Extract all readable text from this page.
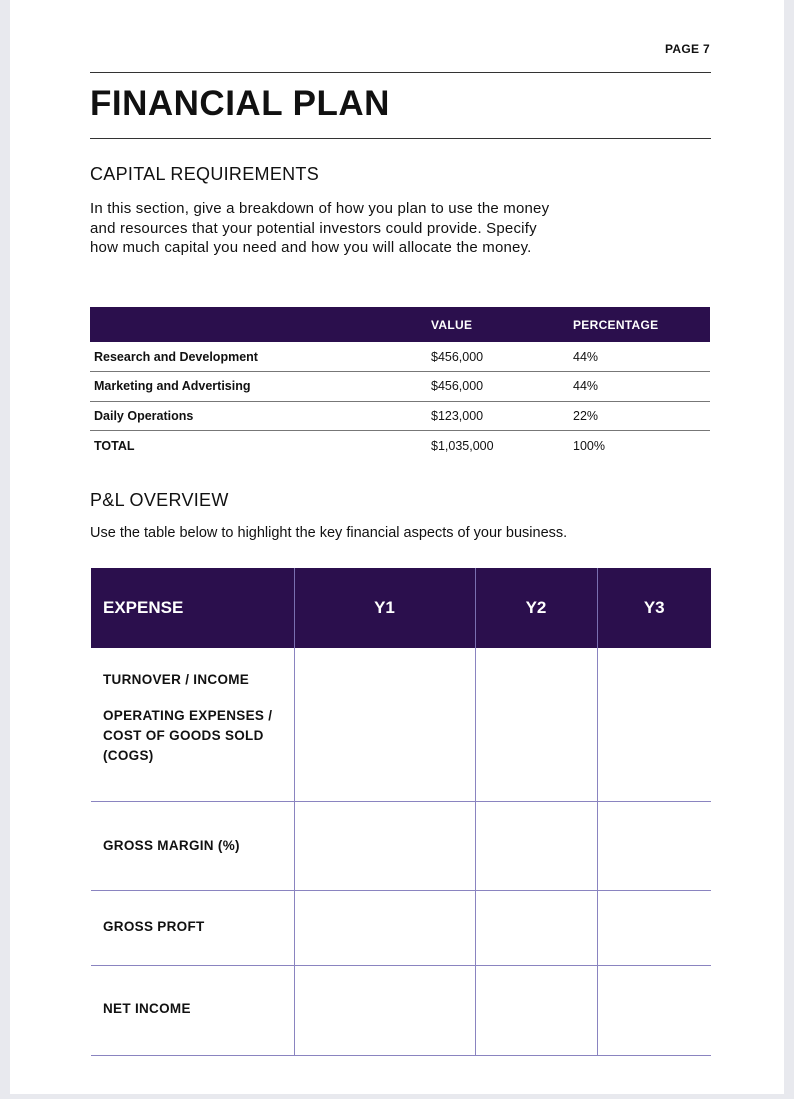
PAGE 7
FINANCIAL PLAN
CAPITAL REQUIREMENTS
In this section, give a breakdown of how you plan to use the money and resources that your potential investors could provide. Specify how much capital you need and how you will allocate the money.
	VALUE	PERCENTAGE
Research and Development	$456,000	44%
Marketing and Advertising	$456,000	44%
Daily Operations	$123,000	22%
TOTAL	$1,035,000	100%
P&L OVERVIEW
Use the table below to highlight the key financial aspects of your business.
EXPENSE	Y1	Y2	Y3

TURNOVER / INCOME
OPERATING EXPENSES / COST OF GOODS SOLD (COGS)			

GROSS MARGIN (%)			
GROSS PROFT			
NET INCOME			
